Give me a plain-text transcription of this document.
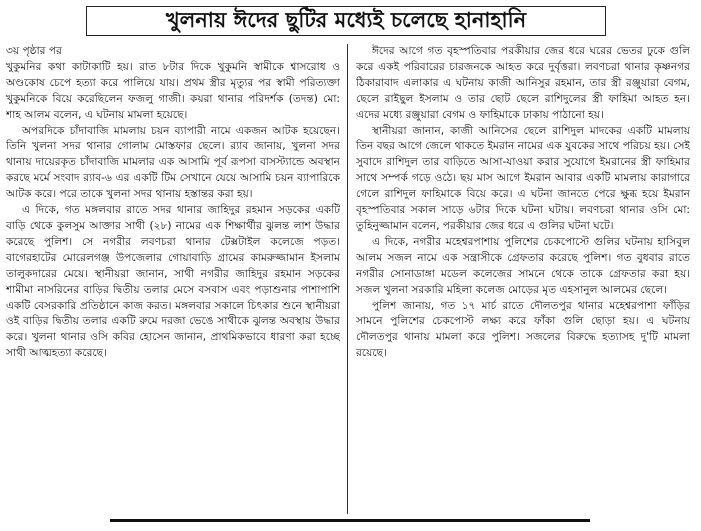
খুলনায় ঈদের ছুটির মধ্যেই চলেছে হানাহানি

৩য় পৃষ্ঠার পর

খুকুমনির কথা কাটাকাটি হয়। রাত ৮টার দিকে খুকুমনি স্বামীকে শ্বাসরোধ ও অণ্ডকোষ চেপে হত্যা করে পালিয়ে যায়। প্রথম স্ত্রীর মৃত্যুর পর স্বামী পরিত্যক্তা খুকুমনিকে বিয়ে করেছিলেন ফজলু গাজী। কয়রা থানার পরিদর্শক (তদন্ত) মো: শাহ আলম বলেন, এ ঘটনায় মামলা হয়েছে।

অপরদিকে চাঁদাবাজি মামলায় চয়ন ব্যাপারী নামে একজন আটক হয়েছেন। তিনি খুলনা সদর থানার গোলাম মোস্তফার ছেলে। র‌্যাব জানায়, খুলনা সদর থানায় দায়েরকৃত চাঁদাবাজি মামলার এক আসামি পূর্ব রূপসা বাসস্ট্যান্ডে অবস্থান করছে মর্মে সংবাদ র‌্যাব-৬ এর একটি টিম সেখানে যেয়ে আসামি চয়ন ব্যাপারিকে আটক করে। পরে তাকে খুলনা সদর থানায় হস্তান্তর করা হয়।

এ দিকে, গত মঙ্গলবার রাতে সদর থানার জাহিদুর রহমান সড়কের একটি বাড়ি থেকে কুলসুম আক্তার সাথী (২৮) নামের এক শিক্ষার্থীর ঝুলন্ত লাশ উদ্ধার করেছে পুলিশ। সে নগরীর লবণচরা থানার টেক্সটাইল কলেজে পড়ত। বাগেরহাটের মোরেলগঞ্জ উপজেলার গোয়াবাড়ি গ্রামের কামরুজ্জামান ইসলাম তালুকদারের মেয়ে। স্থানীয়রা জানান, সাথী নগরীর জাহিদুর রহমান সড়কের শামীমা নাসরিনের বাড়ির দ্বিতীয় তলার মেসে বসবাস এবং পড়াশুনার পাশাপাশি একটি বেসরকারি প্রতিষ্ঠানে কাজ করত। মঙ্গলবার সকালে চিৎকার শুনে স্থানীয়রা ওই বাড়ির দ্বিতীয় তলার একটি রুমে দরজা ভেঙে সাথীকে ঝুলন্ত অবস্থায় উদ্ধার করে। খুলনা থানার ওসি কবির হোসেন জানান, প্রাথমিকভাবে ধারণা করা হচ্ছে সাথী আত্মহত্যা করেছে।

ঈদের আগে গত বৃহস্পতিবার পরকীয়ার জের ধরে ঘরের ভেতর ঢুকে গুলি করে একই পরিবারের চারজনকে আহত করে দুর্বৃত্তরা। লবণচরা থানার কৃষ্ণনগর ঠিকারাবাদ এলাকার এ ঘটনায় কাজী আনিসুর রহমান, তার স্ত্রী রঞ্জুয়ারা বেগম, ছেলে রাইছুল ইসলাম ও তার ছোট ছেলে রাশিদুলের স্ত্রী ফাহিমা আহত হন। এদের মধ্যে রঞ্জুয়ারা বেগম ও ফাহিমাকে ঢাকায় পাঠানো হয়।

স্থানীয়রা জানান, কাজী আনিসের ছেলে রাশিদুল মাদকের একটি মামলায় তিন বছর আগে জেলে থাকতে ইমরান নামের এক যুবকের সাথে পরিচয় হয়। সেই সুবাদে রাশিদুল তার বাড়িতে আসা-যাওয়া করার সুযোগে ইমরানের স্ত্রী ফাহিমার সাথে সম্পর্ক গড়ে ওঠে। ছয় মাস আগে ইমরান আবার একটি মামলায় কারাগারে গেলে রাশিদুল ফাহিমাকে বিয়ে করে। এ ঘটনা জানতে পেরে ক্ষুব্ধ হয়ে ইমরান বৃহস্পতিবার সকাল সাড়ে ৬টার দিকে ঘটনা ঘটায়। লবণচরা থানার ওসি মো: তুহিনুজ্জামান বলেন, পরকীয়ার জের ধরে এ গুলির ঘটনা ঘটে।

এ দিকে, নগরীর মহেশ্বরপাশায় পুলিশের চেকপোস্টে গুলির ঘটনায় হাসিবুল আলম সজল নামে এক সন্ত্রাসীকে গ্রেফতার করেছে পুলিশ। গত বুধবার রাতে নগরীর সোনাডাঙ্গা মডেল কলেজের সামনে থেকে তাকে গ্রেফতার করা হয়। সজল খুলনা সরকারি মহিলা কলেজ মোড়ের মৃত এহসানুল আলমের ছেলে।

পুলিশ জানায়, গত ১৭ মার্চ রাতে দৌলতপুর থানার মহেশ্বরপাশা ফাঁড়ির সামনে পুলিশের চেকপোস্ট লক্ষ্য করে ফাঁকা গুলি ছোড়া হয়। এ ঘটনায় দৌলতপুর থানায় মামলা করে পুলিশ। সজলের বিরুদ্ধে হত্যাসহ দু'টি মামলা রয়েছে।
